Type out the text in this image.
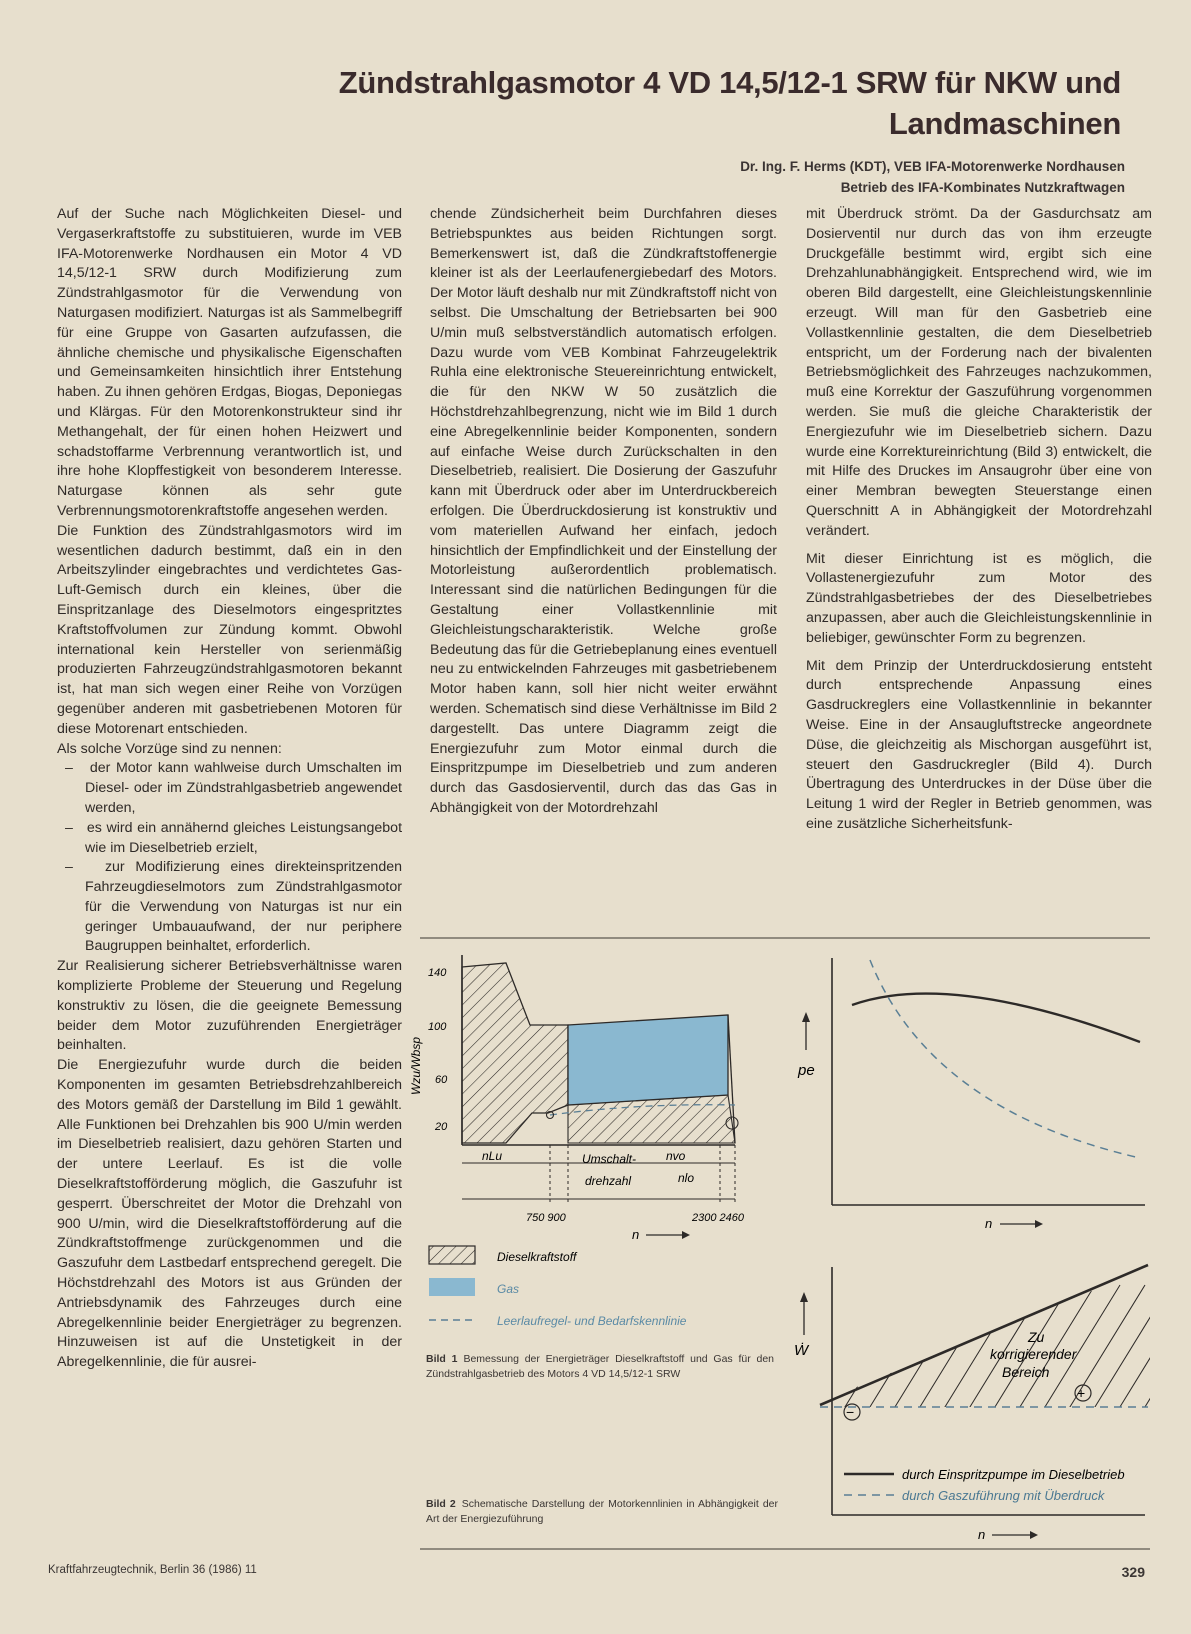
Zündstrahlgasmotor 4 VD 14,5/12-1 SRW für NKW und Landmaschinen
Dr. Ing. F. Herms (KDT), VEB IFA-Motorenwerke Nordhausen
Betrieb des IFA-Kombinates Nutzkraftwagen

Auf der Suche nach Möglichkeiten Diesel- und Vergaserkraftstoffe zu substituieren, wurde im VEB IFA-Motorenwerke Nordhausen ein Motor 4 VD 14,5/12-1 SRW durch Modifizierung zum Zündstrahlgasmotor für die Verwendung von Naturgasen modifiziert. Naturgas ist als Sammelbegriff für eine Gruppe von Gasarten aufzufassen, die ähnliche chemische und physikalische Eigenschaften und Gemeinsamkeiten hinsichtlich ihrer Entstehung haben. Zu ihnen gehören Erdgas, Biogas, Deponiegas und Klärgas. Für den Motorenkonstrukteur sind ihr Methangehalt, der für einen hohen Heizwert und schadstoffarme Verbrennung verantwortlich ist, und ihre hohe Klopffestigkeit von besonderem Interesse. Naturgase können als sehr gute Verbrennungsmotorenkraftstoffe angesehen werden.

Die Funktion des Zündstrahlgasmotors wird im wesentlichen dadurch bestimmt, daß ein in den Arbeitszylinder eingebrachtes und verdichtetes Gas-Luft-Gemisch durch ein kleines, über die Einspritzanlage des Dieselmotors eingespritztes Kraftstoffvolumen zur Zündung kommt. Obwohl international kein Hersteller von serienmäßig produzierten Fahrzeugzündstrahlgasmotoren bekannt ist, hat man sich wegen einer Reihe von Vorzügen gegenüber anderen mit gasbetriebenen Motoren für diese Motorenart entschieden.

Als solche Vorzüge sind zu nennen:

–   der Motor kann wahlweise durch Umschalten im Diesel- oder im Zündstrahlgasbetrieb angewendet werden,

–   es wird ein annähernd gleiches Leistungsangebot wie im Dieselbetrieb erzielt,

–   zur Modifizierung eines direkteinspritzenden Fahrzeugdieselmotors zum Zündstrahlgasmotor für die Verwendung von Naturgas ist nur ein geringer Umbauaufwand, der nur periphere Baugruppen beinhaltet, erforderlich.

Zur Realisierung sicherer Betriebsverhältnisse waren komplizierte Probleme der Steuerung und Regelung konstruktiv zu lösen, die die geeignete Bemessung beider dem Motor zuzuführenden Energieträger beinhalten.

Die Energiezufuhr wurde durch die beiden Komponenten im gesamten Betriebsdrehzahlbereich des Motors gemäß der Darstellung im Bild 1 gewählt. Alle Funktionen bei Drehzahlen bis 900 U/min werden im Dieselbetrieb realisiert, dazu gehören Starten und der untere Leerlauf. Es ist die volle Dieselkraftstofförderung möglich, die Gaszufuhr ist gesperrt. Überschreitet der Motor die Drehzahl von 900 U/min, wird die Dieselkraftstofförderung auf die Zündkraftstoffmenge zurückgenommen und die Gaszufuhr dem Lastbedarf entsprechend geregelt. Die Höchstdrehzahl des Motors ist aus Gründen der Antriebsdynamik des Fahrzeuges durch eine Abregelkennlinie beider Energieträger zu begrenzen. Hinzuweisen ist auf die Unstetigkeit in der Abregelkennlinie, die für ausrei-

chende Zündsicherheit beim Durchfahren dieses Betriebspunktes aus beiden Richtungen sorgt. Bemerkenswert ist, daß die Zündkraftstoffenergie kleiner ist als der Leerlaufenergiebedarf des Motors. Der Motor läuft deshalb nur mit Zündkraftstoff nicht von selbst. Die Umschaltung der Betriebsarten bei 900 U/min muß selbstverständlich automatisch erfolgen. Dazu wurde vom VEB Kombinat Fahrzeugelektrik Ruhla eine elektronische Steuereinrichtung entwickelt, die für den NKW W 50 zusätzlich die Höchstdrehzahlbegrenzung, nicht wie im Bild 1 durch eine Abregelkennlinie beider Komponenten, sondern auf einfache Weise durch Zurückschalten in den Dieselbetrieb, realisiert. Die Dosierung der Gaszufuhr kann mit Überdruck oder aber im Unterdruckbereich erfolgen. Die Überdruckdosierung ist konstruktiv und vom materiellen Aufwand her einfach, jedoch hinsichtlich der Empfindlichkeit und der Einstellung der Motorleistung außerordentlich problematisch. Interessant sind die natürlichen Bedingungen für die Gestaltung einer Vollastkennlinie mit Gleichleistungscharakteristik. Welche große Bedeutung das für die Getriebeplanung eines eventuell neu zu entwickelnden Fahrzeuges mit gasbetriebenem Motor haben kann, soll hier nicht weiter erwähnt werden. Schematisch sind diese Verhältnisse im Bild 2 dargestellt. Das untere Diagramm zeigt die Energiezufuhr zum Motor einmal durch die Einspritzpumpe im Dieselbetrieb und zum anderen durch das Gasdosierventil, durch das das Gas in Abhängigkeit von der Motordrehzahl

mit Überdruck strömt. Da der Gasdurchsatz am Dosierventil nur durch das von ihm erzeugte Druckgefälle bestimmt wird, ergibt sich eine Drehzahlunabhängigkeit. Entsprechend wird, wie im oberen Bild dargestellt, eine Gleichleistungskennlinie erzeugt. Will man für den Gasbetrieb eine Vollastkennlinie gestalten, die dem Dieselbetrieb entspricht, um der Forderung nach der bivalenten Betriebsmöglichkeit des Fahrzeuges nachzukommen, muß eine Korrektur der Gaszuführung vorgenommen werden. Sie muß die gleiche Charakteristik der Energiezufuhr wie im Dieselbetrieb sichern. Dazu wurde eine Korrektureinrichtung (Bild 3) entwickelt, die mit Hilfe des Druckes im Ansaugrohr über eine von einer Membran bewegten Steuerstange einen Querschnitt A in Abhängigkeit der Motordrehzahl verändert.

Mit dieser Einrichtung ist es möglich, die Vollastenergiezufuhr zum Motor des Zündstrahlgasbetriebes der des Dieselbetriebes anzupassen, aber auch die Gleichleistungskennlinie in beliebiger, gewünschter Form zu begrenzen.

Mit dem Prinzip der Unterdruckdosierung entsteht durch entsprechende Anpassung eines Gasdruckreglers eine Vollastkennlinie in bekannter Weise. Eine in der Ansaugluftstrecke angeordnete Düse, die gleichzeitig als Mischorgan ausgeführt ist, steuert den Gasdruckregler (Bild 4). Durch Übertragung des Unterdruckes in der Düse über die Leitung 1 wird der Regler in Betrieb genommen, was eine zusätzliche Sicherheitsfunk-

140
100
60
20
Wzu/Wbsp
nLu	Umschalt-
drehzahl
nvo
nlo
750 900	2300 2460
n
Dieselkraftstoff
Gas
Leerlaufregel- und Bedarfskennlinie
Bild 1 Bemessung der Energieträger Dieselkraftstoff und Gas für den Zündstrahlgasbetrieb des Motors 4 VD 14,5/12-1 SRW
pe
n
Zu
korrigierender
Bereich
+
−
Ẇ
durch Einspritzpumpe im Dieselbetrieb
durch Gaszuführung mit Überdruck
n
Bild 2 Schematische Darstellung der Motorkennlinien in Abhängigkeit der Art der Energiezuführung
Kraftfahrzeugtechnik, Berlin 36 (1986) 11	329
